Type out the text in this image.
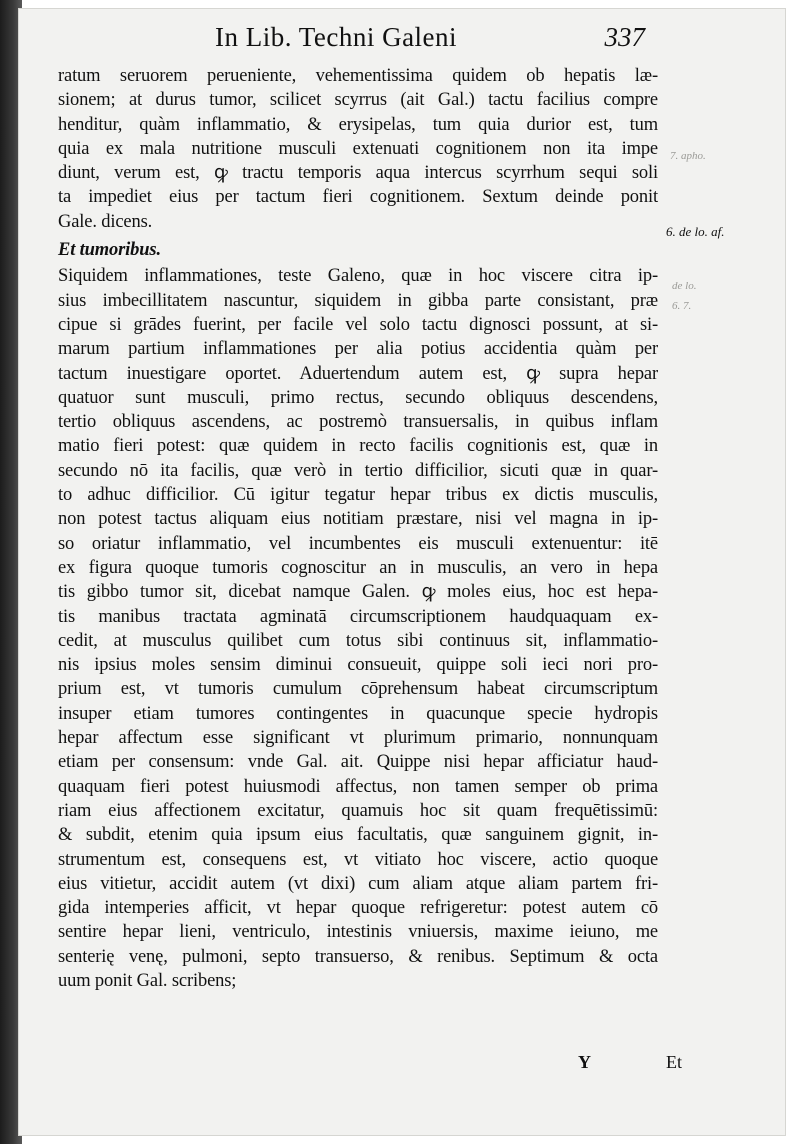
In Lib. Techni Galeni	337
7. apho.
de lo.
6. 7.
6. de lo. af.
ratum seruorem perueniente, vehementissima quidem ob hepatis læ-
sionem; at durus tumor, scilicet scyrrus (ait Gal.) tactu facilius compre
henditur, quàm inflammatio, & erysipelas, tum quia durior est, tum
quia ex mala nutritione musculi extenuati cognitionem non ita impe
diunt, verum est, ꝙ tractu temporis aqua intercus scyrrhum sequi soli
ta impediet eius per tactum fieri cognitionem. Sextum deinde ponit
Gale. dicens.
Et tumoribus.
Siquidem inflammationes, teste Galeno, quæ in hoc viscere citra ip-
sius imbecillitatem nascuntur, siquidem in gibba parte consistant, præ
cipue si grādes fuerint, per facile vel solo tactu dignosci possunt, at si-
marum partium inflammationes per alia potius accidentia quàm per
tactum inuestigare oportet. Aduertendum autem est, ꝙ supra hepar
quatuor sunt musculi, primo rectus, secundo obliquus descendens,
tertio obliquus ascendens, ac postremò transuersalis, in quibus inflam
matio fieri potest: quæ quidem in recto facilis cognitionis est, quæ in
secundo nō ita facilis, quæ verò in tertio difficilior, sicuti quæ in quar-
to adhuc difficilior. Cū igitur tegatur hepar tribus ex dictis musculis,
non potest tactus aliquam eius notitiam præstare, nisi vel magna in ip-
so oriatur inflammatio, vel incumbentes eis musculi extenuentur: itē
ex figura quoque tumoris cognoscitur an in musculis, an vero in hepa
tis gibbo tumor sit, dicebat namque Galen. ꝙ moles eius, hoc est hepa-
tis manibus tractata agminatā circumscriptionem haudquaquam ex-
cedit, at musculus quilibet cum totus sibi continuus sit, inflammatio-
nis ipsius moles sensim diminui consueuit, quippe soli ieci nori pro-
prium est, vt tumoris cumulum cōprehensum habeat circumscriptum
insuper etiam tumores contingentes in quacunque specie hydropis
hepar affectum esse significant vt plurimum primario, nonnunquam
etiam per consensum: vnde Gal. ait. Quippe nisi hepar afficiatur haud-
quaquam fieri potest huiusmodi affectus, non tamen semper ob prima
riam eius affectionem excitatur, quamuis hoc sit quam frequētissimū:
& subdit, etenim quia ipsum eius facultatis, quæ sanguinem gignit, in-
strumentum est, consequens est, vt vitiato hoc viscere, actio quoque
eius vitietur, accidit autem (vt dixi) cum aliam atque aliam partem fri-
gida intemperies afficit, vt hepar quoque refrigeretur: potest autem cō
sentire hepar lieni, ventriculo, intestinis vniuersis, maxime ieiuno, me
senterię venę, pulmoni, septo transuerso, & renibus. Septimum & octa
uum ponit Gal. scribens;
Y	Et
